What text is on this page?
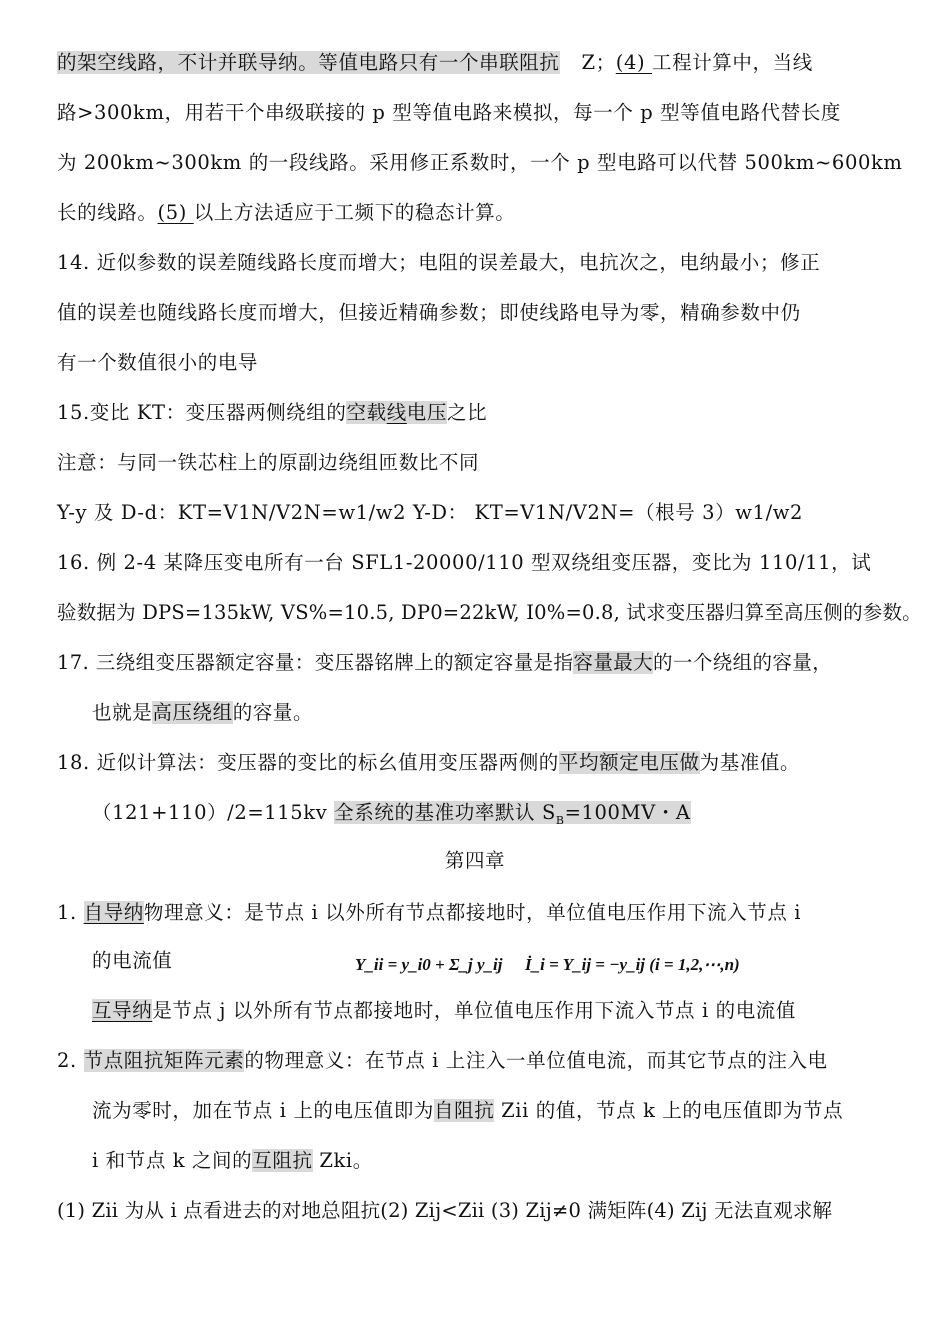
的架空线路，不计并联导纳。等值电路只有一个串联阻抗 Z；(4) 工程计算中，当线
路>300km，用若干个串级联接的 p 型等值电路来模拟，每一个 p 型等值电路代替长度
为 200km~300km 的一段线路。采用修正系数时，一个 p 型电路可以代替 500km~600km
长的线路。(5) 以上方法适应于工频下的稳态计算。
14. 近似参数的误差随线路长度而增大；电阻的误差最大，电抗次之，电纳最小；修正
值的误差也随线路长度而增大，但接近精确参数；即使线路电导为零，精确参数中仍
有一个数值很小的电导
15.变比 KT：变压器两侧绕组的空载线电压之比
注意：与同一铁芯柱上的原副边绕组匝数比不同
Y-y 及 D-d：KT=V1N/V2N=w1/w2 Y-D： KT=V1N/V2N=（根号 3）w1/w2
16. 例 2-4 某降压变电所有一台 SFL1-20000/110 型双绕组变压器，变比为 110/11，试
验数据为 DPS=135kW, VS%=10.5, DP0=22kW, I0%=0.8, 试求变压器归算至高压侧的参数。
17. 三绕组变压器额定容量：变压器铭牌上的额定容量是指容量最大的一个绕组的容量，
也就是高压绕组的容量。
18. 近似计算法：变压器的变比的标幺值用变压器两侧的平均额定电压做为基准值。
（121+110）/2=115kv 全系统的基准功率默认 $S_B=100MV$・A
第四章
1. 自导纳物理意义：是节点 i 以外所有节点都接地时，单位值电压作用下流入节点 i
的电流值	Y_ii = y_i0 + Σ_j y_ij İ_i = Y_ij = −y_ij (i = 1,2,⋯,n)
互导纳是节点 j 以外所有节点都接地时，单位值电压作用下流入节点 i 的电流值
2. 节点阻抗矩阵元素的物理意义：在节点 i 上注入一单位值电流，而其它节点的注入电
流为零时，加在节点 i 上的电压值即为自阻抗 Zii 的值，节点 k 上的电压值即为节点
i 和节点 k 之间的互阻抗 Zki。
(1) Zii 为从 i 点看进去的对地总阻抗(2) Zij<Zii (3) Zij≠0 满矩阵(4) Zij 无法直观求解
